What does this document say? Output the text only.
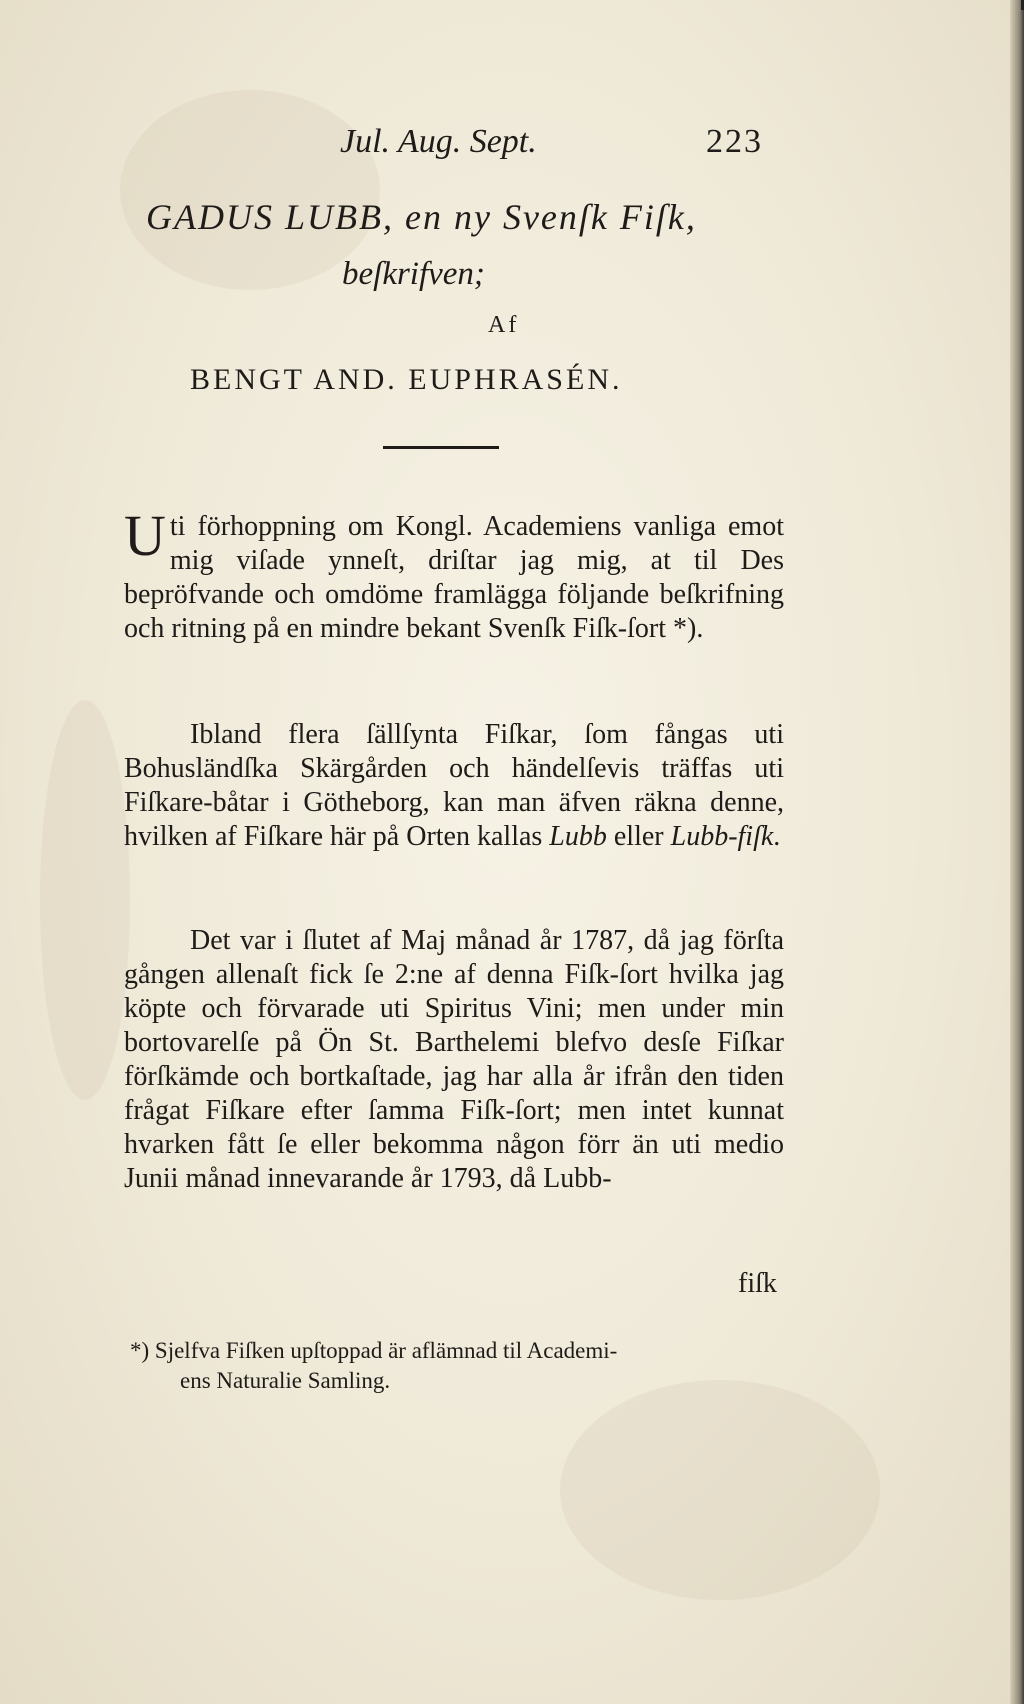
Jul. Aug. Sept.	223
GADUS LUBB, en ny Svenſk Fiſk,
beſkrifven;
Af
BENGT AND. EUPHRASÉN.
Uti förhoppning om Kongl. Academiens vanliga emot mig viſade ynneſt, driſtar jag mig, at til Des bepröfvande och omdöme framlägga följande beſkrifning och ritning på en mindre bekant Svenſk Fiſk-ſort *).
Ibland flera ſällſynta Fiſkar, ſom fångas uti Bohusländſka Skärgården och händelſevis träffas uti Fiſkare-båtar i Götheborg, kan man äfven räkna denne, hvilken af Fiſkare här på Orten kallas Lubb eller Lubb-fiſk.
Det var i ſlutet af Maj månad år 1787, då jag förſta gången allenaſt fick ſe 2:ne af denna Fiſk-ſort hvilka jag köpte och förvarade uti Spiritus Vini; men under min bortovarelſe på Ön St. Barthelemi blefvo desſe Fiſkar förſkämde och bortkaſtade, jag har alla år ifrån den tiden frågat Fiſkare efter ſamma Fiſk-ſort; men intet kunnat hvarken fått ſe eller bekomma någon förr än uti medio Junii månad innevarande år 1793, då Lubb-
fiſk
*) Sjelfva Fiſken upſtoppad är aflämnad til Academi-
ens Naturalie Samling.
